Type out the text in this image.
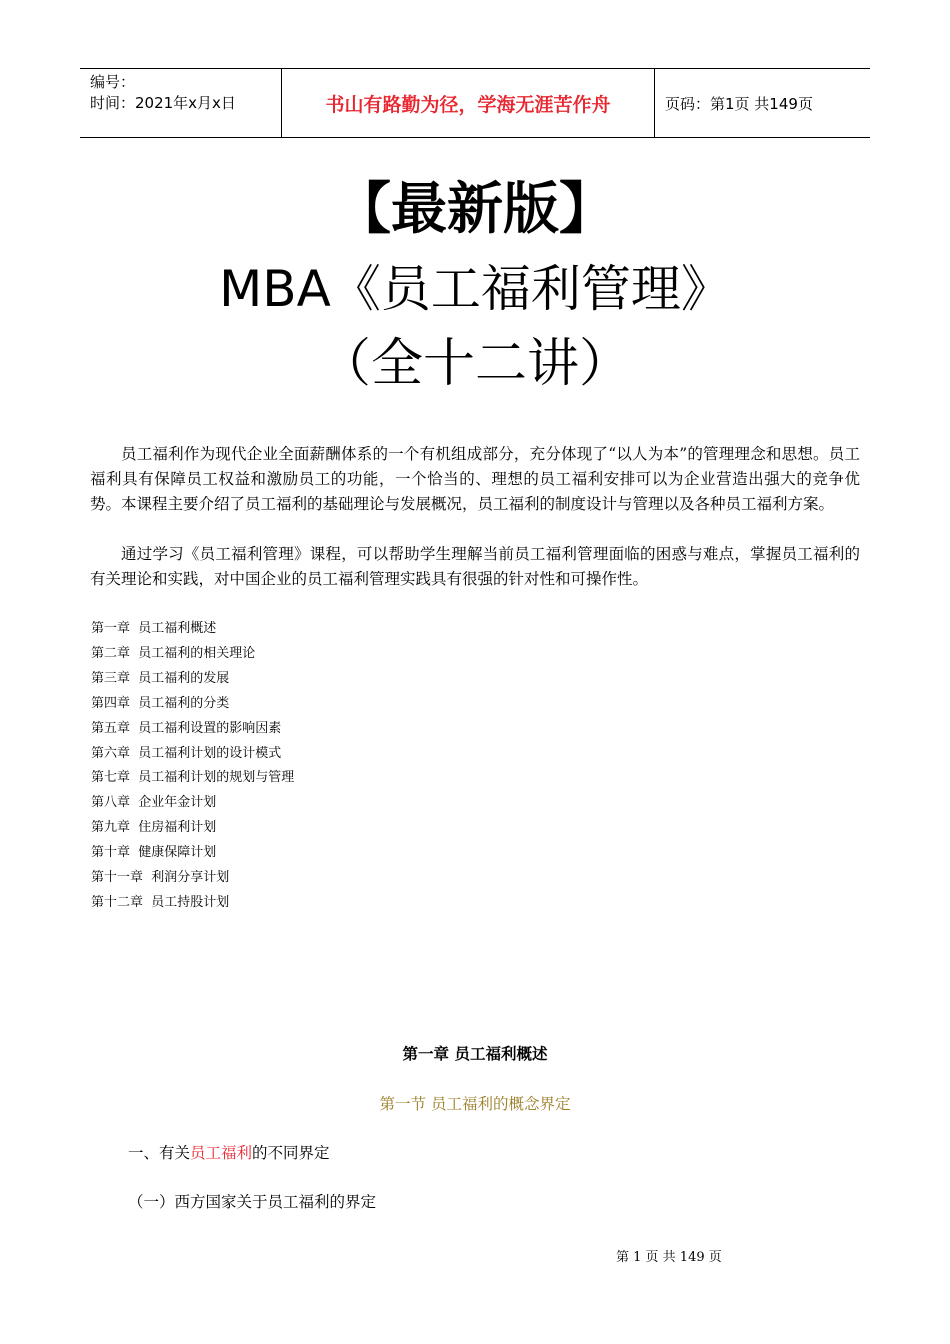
编号：
时间：2021年x月x日	书山有路勤为径，学海无涯苦作舟	页码：第1页 共149页
【最新版】
MBA《员工福利管理》
（全十二讲）
员工福利作为现代企业全面薪酬体系的一个有机组成部分，充分体现了“以人为本”的管理理念和思想。员工福利具有保障员工权益和激励员工的功能，一个恰当的、理想的员工福利安排可以为企业营造出强大的竞争优势。本课程主要介绍了员工福利的基础理论与发展概况，员工福利的制度设计与管理以及各种员工福利方案。
通过学习《员工福利管理》课程，可以帮助学生理解当前员工福利管理面临的困惑与难点，掌握员工福利的有关理论和实践，对中国企业的员工福利管理实践具有很强的针对性和可操作性。
第一章  员工福利概述
第二章  员工福利的相关理论
第三章  员工福利的发展
第四章  员工福利的分类
第五章  员工福利设置的影响因素
第六章  员工福利计划的设计模式
第七章  员工福利计划的规划与管理
第八章  企业年金计划
第九章  住房福利计划
第十章  健康保障计划
第十一章  利润分享计划
第十二章  员工持股计划
第一章 员工福利概述
第一节 员工福利的概念界定
一、有关员工福利的不同界定
（一）西方国家关于员工福利的界定
第 1 页 共 149 页
